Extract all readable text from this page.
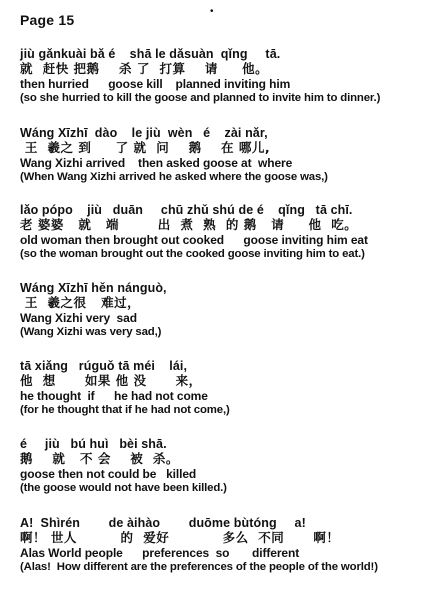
Page 15
•
jiù gǎnkuài bǎ é    shā le dǎsuàn  qǐng     tā.
就  赶快 把鹅    杀 了  打算    请     他。
then hurried      goose kill    planned inviting him
(so she hurried to kill the goose and planned to invite him to dinner.)
Wáng Xīzhī  dào    le jiù  wèn   é    zài nǎr,
王  羲之 到     了 就  问    鹅    在 哪儿,
Wang Xizhi arrived    then asked goose at  where
(When Wang Xizhi arrived he asked where the goose was,)
lǎo pópo    jiù   duān     chū zhǔ shú de é    qǐng   tā chī.
老 婆婆   就   端        出  煮  熟  的 鹅   请     他  吃。
old woman then brought out cooked      goose inviting him eat
(so the woman brought out the cooked goose inviting him to eat.)
Wáng Xīzhī hěn nánguò,
王  羲之很   难过，
Wang Xizhi very  sad
(Wang Xizhi was very sad,)
tā xiǎng   rúguǒ tā méi    lái,
他  想      如果 他 没      来，
he thought  if      he had not come
(for he thought that if he had not come,)
é     jiù   bú huì   bèi shā.
鹅    就   不 会    被  杀。
goose then not could be   killed
(the goose would not have been killed.)
A!  Shìrén        de àihào        duōme bùtóng     a!
啊！ 世人         的  爱好           多么  不同      啊！
Alas World people      preferences  so       different
(Alas!  How different are the preferences of the people of the world!)
